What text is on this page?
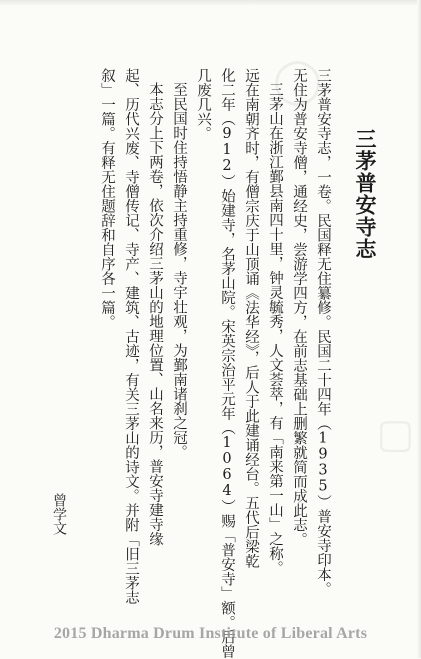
◯
▢
三茅普安寺志
三茅普安寺志，一卷。民国释无住纂修。民国二十四年（1935）普安寺印本。
无住为普安寺僧，通经史，尝游学四方，在前志基础上删繁就简而成此志。
三茅山在浙江鄞县南四十里，钟灵毓秀，人文荟萃，有「南来第一山」之称。
远在南朝齐时，有僧宗庆于山顶诵《法华经》，后人于此建诵经台。五代后梁乾
化二年（912）始建寺，名茅山院。宋英宗治平元年（1064）赐「普安寺」额。后曾
几废几兴。
至民国时住持悟静主持重修，寺宇壮观，为鄞南诸刹之冠。
本志分上下两卷，依次介绍三茅山的地理位置、山名来历，普安寺建寺缘
起、历代兴废、寺僧传记、寺产、建筑、古迹，有关三茅山的诗文。并附「旧三茅志
叙」一篇。有释无住题辞和自序各一篇。
曾学文
2015 Dharma Drum Institute of Liberal Arts
